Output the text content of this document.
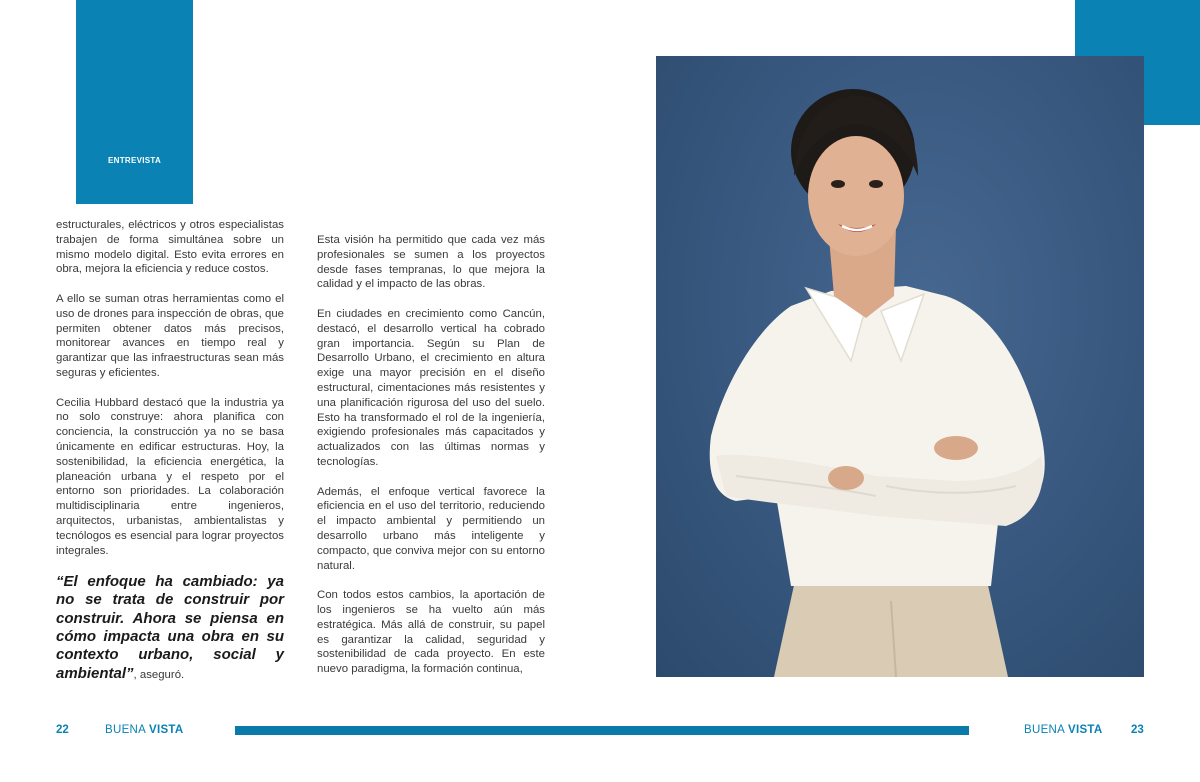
ENTREVISTA

estructurales, eléctricos y otros especialistas trabajen de forma simultánea sobre un mismo modelo digital. Esto evita errores en obra, mejora la eficiencia y reduce costos.

A ello se suman otras herramientas como el uso de drones para inspección de obras, que permiten obtener datos más precisos, monitorear avances en tiempo real y garantizar que las infraestructuras sean más seguras y eficientes.

Cecilia Hubbard destacó que la industria ya no solo construye: ahora planifica con conciencia, la construcción ya no se basa únicamente en edificar estructuras. Hoy, la sostenibilidad, la eficiencia energética, la planeación urbana y el respeto por el entorno son prioridades. La colaboración multidisciplinaria entre ingenieros, arquitectos, urbanistas, ambientalistas y tecnólogos es esencial para lograr proyectos integrales.

“El enfoque ha cambiado: ya no se trata de construir por construir. Ahora se piensa en cómo impacta una obra en su contexto urbano, social y ambiental”, aseguró.

Esta visión ha permitido que cada vez más profesionales se sumen a los proyectos desde fases tempranas, lo que mejora la calidad y el impacto de las obras.

En ciudades en crecimiento como Cancún, destacó, el desarrollo vertical ha cobrado gran importancia. Según su Plan de Desarrollo Urbano, el crecimiento en altura exige una mayor precisión en el diseño estructural, cimentaciones más resistentes y una planificación rigurosa del uso del suelo. Esto ha transformado el rol de la ingeniería, exigiendo profesionales más capacitados y actualizados con las últimas normas y tecnologías.

Además, el enfoque vertical favorece la eficiencia en el uso del territorio, reduciendo el impacto ambiental y permitiendo un desarrollo urbano más inteligente y compacto, que conviva mejor con su entorno natural.

Con todos estos cambios, la aportación de los ingenieros se ha vuelto aún más estratégica. Más allá de construir, su papel es garantizar la calidad, seguridad y sostenibilidad de cada proyecto. En este nuevo paradigma, la formación continua,

22	BUENA VISTA	BUENA VISTA 23
